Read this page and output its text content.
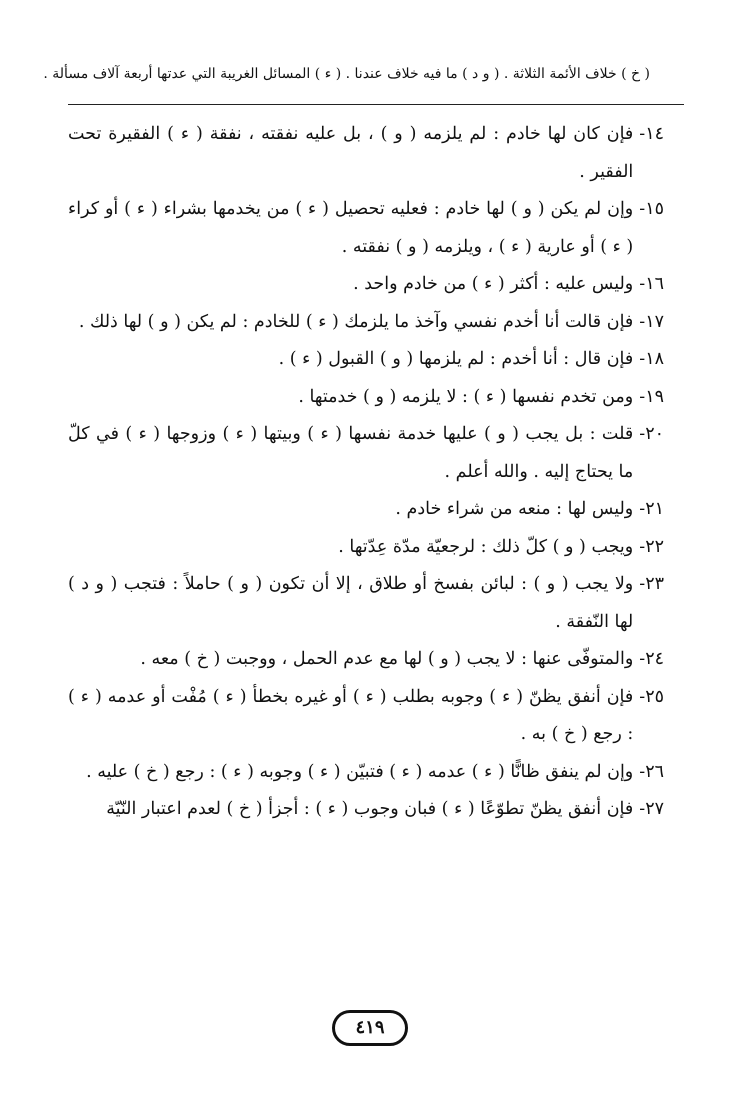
( خ ) خلاف الأئمة الثلاثة . ( و د ) ما فيه خلاف عندنا . ( ء ) المسائل الغريبة التي عدتها أربعة آلاف مسألة .
١٤-
فإن كان لها خادم : لم يلزمه ( و ) ، بل عليه نفقته ، نفقة ( ء ) الفقيرة تحت الفقير .
١٥-
وإن لم يكن ( و ) لها خادم : فعليه تحصيل ( ء ) من يخدمها بشراء ( ء ) أو كراء ( ء ) أو عارية ( ء ) ، ويلزمه ( و ) نفقته .
١٦-
وليس عليه : أكثر ( ء ) من خادم واحد .
١٧-
فإن قالت أنا أخدم نفسي وآخذ ما يلزمك ( ء ) للخادم : لم يكن ( و ) لها ذلك .
١٨-
فإن قال : أنا أخدم : لم يلزمها ( و ) القبول ( ء ) .
١٩-
ومن تخدم نفسها ( ء ) : لا يلزمه ( و ) خدمتها .
٢٠-
قلت : بل يجب ( و ) عليها خدمة نفسها ( ء ) وبيتها ( ء ) وزوجها ( ء ) في كلّ ما يحتاج إليه . والله أعلم .
٢١-
وليس لها : منعه من شراء خادم .
٢٢-
ويجب ( و ) كلّ ذلك : لرجعيّة مدّة عِدّتها .
٢٣-
ولا يجب ( و ) : لبائن بفسخ أو طلاق ، إلا أن تكون ( و ) حاملاً : فتجب ( و د ) لها النّفقة .
٢٤-
والمتوفّى عنها : لا يجب ( و ) لها مع عدم الحمل ، ووجبت ( خ ) معه .
٢٥-
فإن أنفق يظنّ ( ء ) وجوبه بطلب ( ء ) أو غيره بخطأ ( ء ) مُفْت أو عدمه ( ء ) : رجع ( خ ) به .
٢٦-
وإن لم ينفق ظانًّا ( ء ) عدمه ( ء ) فتبيّن ( ء ) وجوبه ( ء ) : رجع ( خ ) عليه .
٢٧-
فإن أنفق يظنّ تطوّعًا ( ء ) فبان وجوب ( ء ) : أجزأ ( خ ) لعدم اعتبار النّيّة
٤١٩
